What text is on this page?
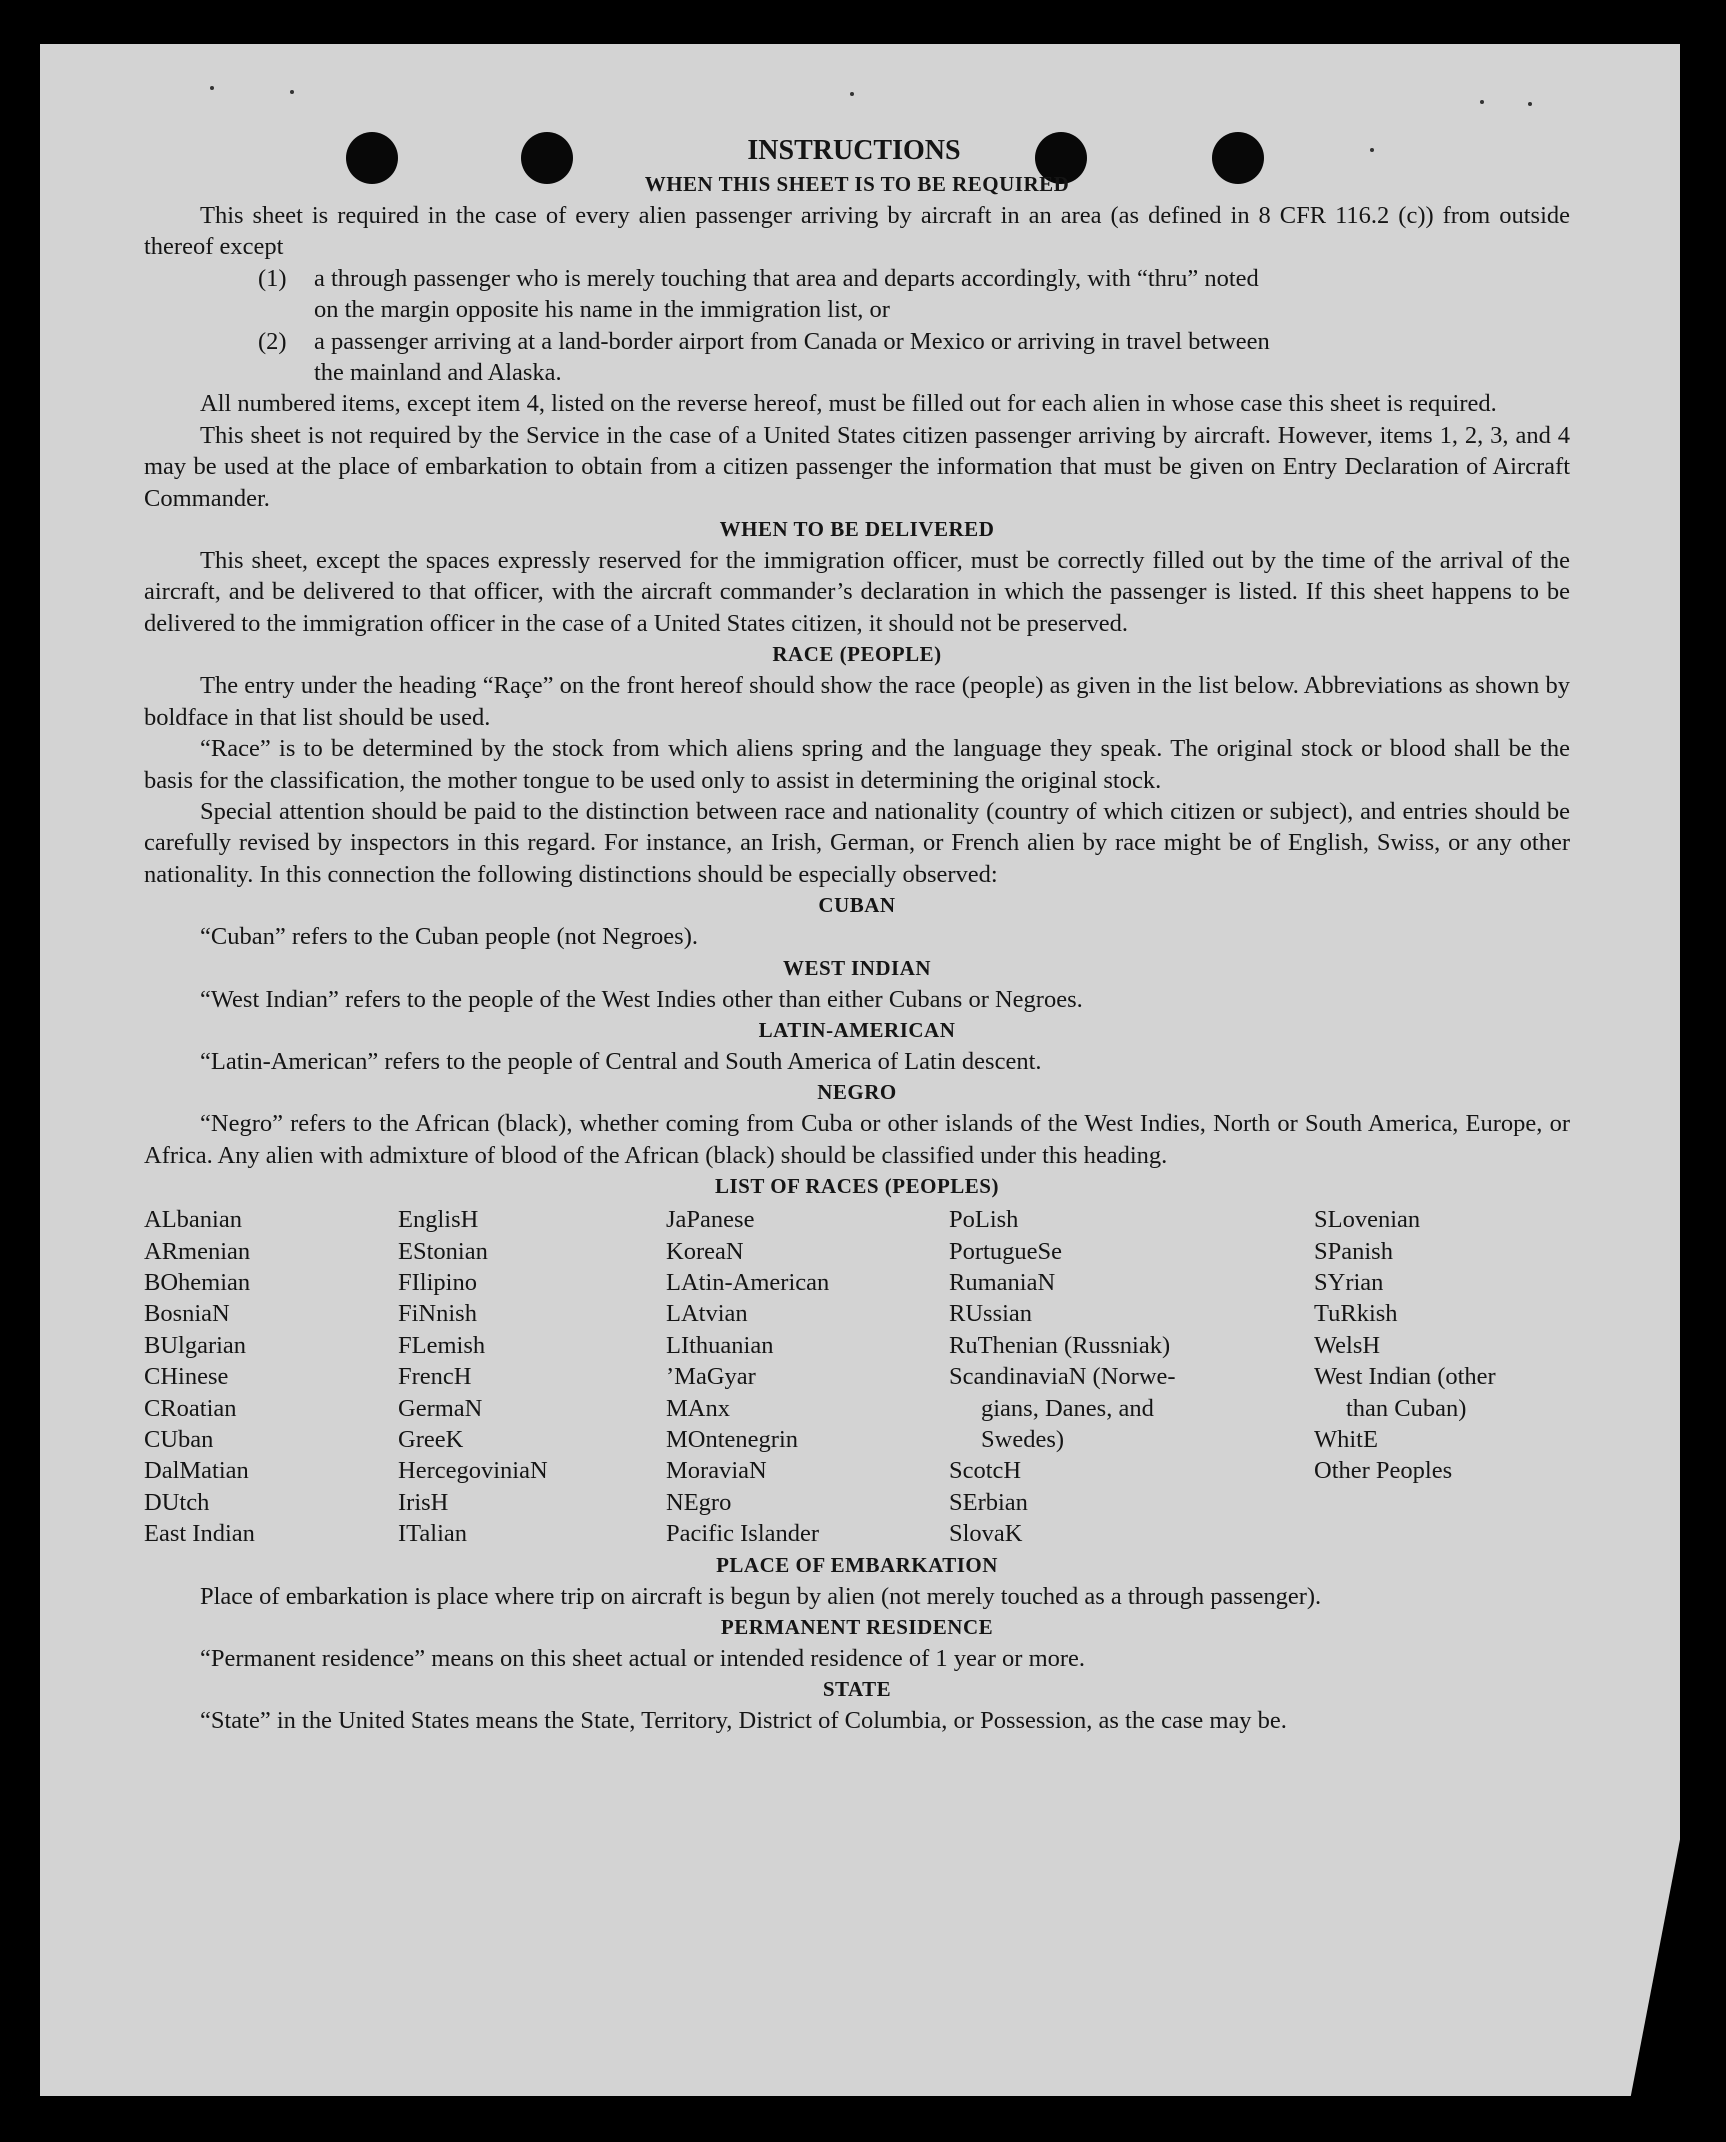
INSTRUCTIONS
WHEN THIS SHEET IS TO BE REQUIRED

This sheet is required in the case of every alien passenger arriving by aircraft in an area (as defined in 8 CFR 116.2 (c)) from outside thereof except

(1)	a through passenger who is merely touching that area and departs accordingly, with “thru” noted
on the margin opposite his name in the immigration list, or
(2)	a passenger arriving at a land-border airport from Canada or Mexico or arriving in travel between
the mainland and Alaska.

All numbered items, except item 4, listed on the reverse hereof, must be filled out for each alien in whose case this sheet is required.

This sheet is not required by the Service in the case of a United States citizen passenger arriving by aircraft. However, items 1, 2, 3, and 4 may be used at the place of embarkation to obtain from a citizen passenger the information that must be given on Entry Declaration of Aircraft Commander.

WHEN TO BE DELIVERED

This sheet, except the spaces expressly reserved for the immigration officer, must be correctly filled out by the time of the arrival of the aircraft, and be delivered to that officer, with the aircraft commander’s declaration in which the passenger is listed. If this sheet happens to be delivered to the immigration officer in the case of a United States citizen, it should not be preserved.

RACE (PEOPLE)

The entry under the heading “Raçe” on the front hereof should show the race (people) as given in the list below. Abbreviations as shown by boldface in that list should be used.

“Race” is to be determined by the stock from which aliens spring and the language they speak. The original stock or blood shall be the basis for the classification, the mother tongue to be used only to assist in determining the original stock.

Special attention should be paid to the distinction between race and nationality (country of which citizen or subject), and entries should be carefully revised by inspectors in this regard. For instance, an Irish, German, or French alien by race might be of English, Swiss, or any other nationality. In this connection the following distinctions should be especially observed:

CUBAN

“Cuban” refers to the Cuban people (not Negroes).

WEST INDIAN

“West Indian” refers to the people of the West Indies other than either Cubans or Negroes.

LATIN-AMERICAN

“Latin-American” refers to the people of Central and South America of Latin descent.

NEGRO

“Negro” refers to the African (black), whether coming from Cuba or other islands of the West Indies, North or South America, Europe, or Africa. Any alien with admixture of blood of the African (black) should be classified under this heading.

LIST OF RACES (PEOPLES)
ALbanian
ARmenian
BOhemian
BosniaN
BUlgarian
CHinese
CRoatian
CUban
DalMatian
DUtch
East Indian
EnglisH
EStonian
FIlipino
FiNnish
FLemish
FrencH
GermaN
GreeK
HercegoviniaN
IrisH
ITalian
JaPanese
KoreaN
LAtin-American
LAtvian
LIthuanian
’MaGyar
MAnx
MOntenegrin
MoraviaN
NEgro
Pacific Islander
PoLish
PortugueSe
RumaniaN
RUssian
RuThenian (Russniak)
ScandinaviaN (Norwe-
gians, Danes, and
Swedes)
ScotcH
SErbian
SlovaK
SLovenian
SPanish
SYrian
TuRkish
WelsH
West Indian (other
than Cuban)
WhitE
Other Peoples
PLACE OF EMBARKATION

Place of embarkation is place where trip on aircraft is begun by alien (not merely touched as a through passenger).

PERMANENT RESIDENCE

“Permanent residence” means on this sheet actual or intended residence of 1 year or more.

STATE

“State” in the United States means the State, Territory, District of Columbia, or Possession, as the case may be.
